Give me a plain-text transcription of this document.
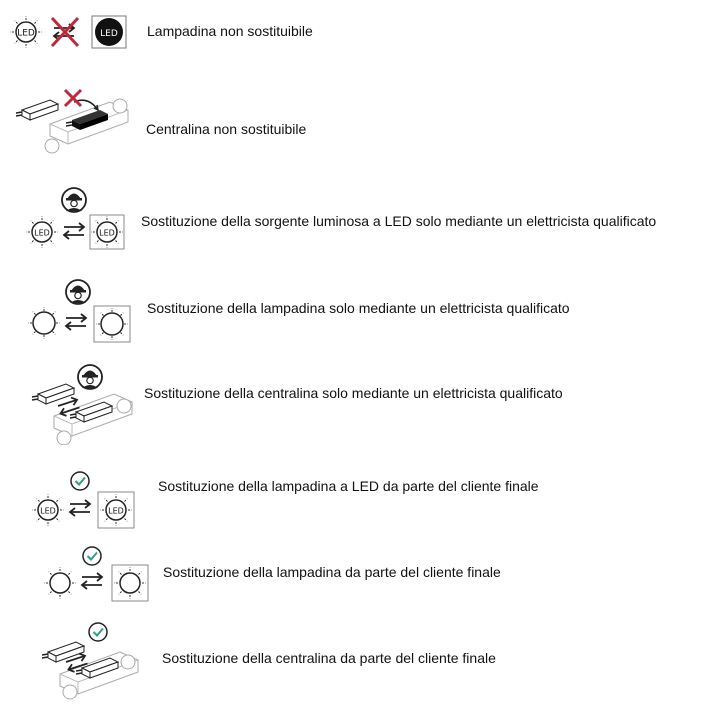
LED	LED Lampadina non sostituibile
Centralina non sostituibile
LED	LED
Sostituzione della sorgente luminosa a LED solo mediante un elettricista qualificato
Sostituzione della lampadina solo mediante un elettricista qualificato
Sostituzione della centralina solo mediante un elettricista qualificato
LED	LED
Sostituzione della lampadina a LED da parte del cliente finale
Sostituzione della lampadina da parte del cliente finale
Sostituzione della centralina da parte del cliente finale
